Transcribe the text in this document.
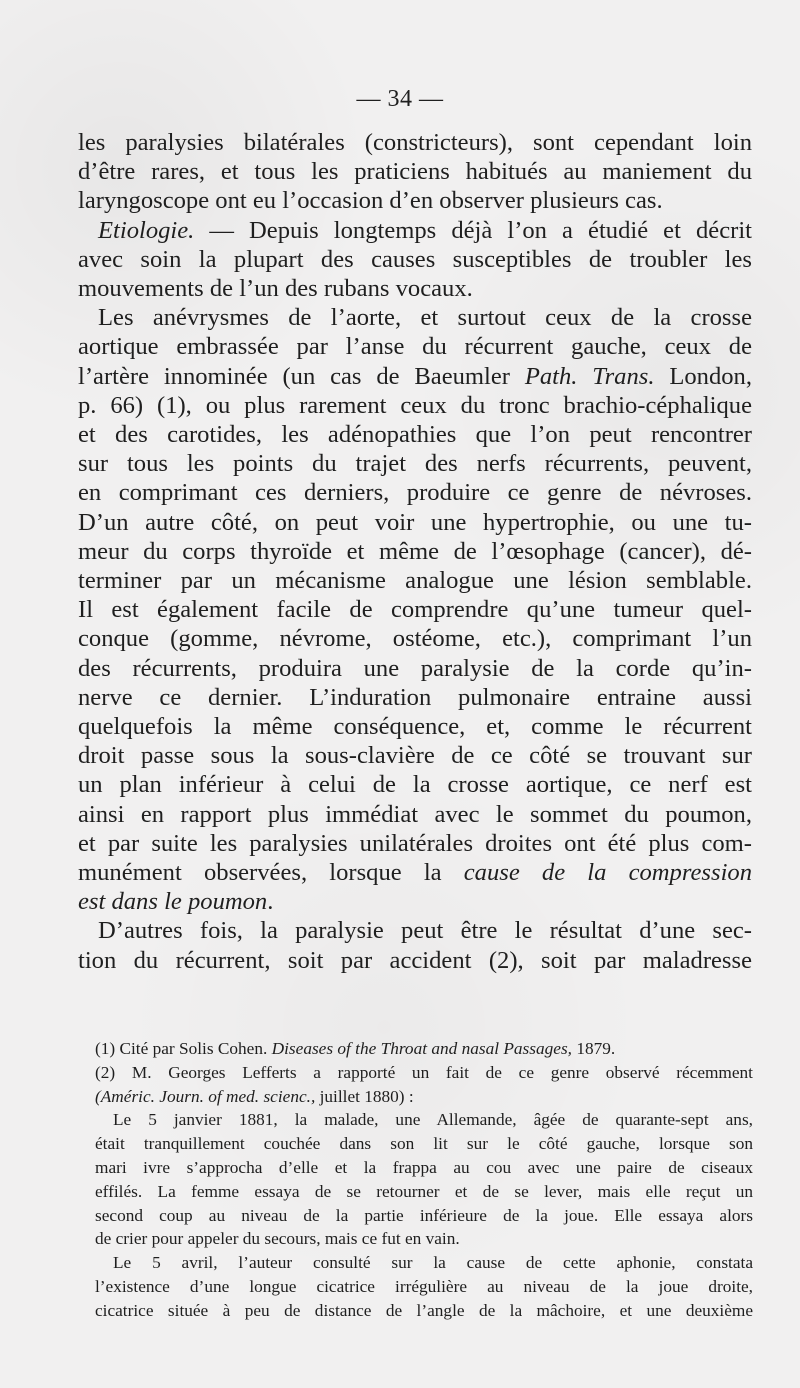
— 34 —
les paralysies bilatérales (constricteurs), sont cependant loin
d’être rares, et tous les praticiens habitués au maniement du
laryngoscope ont eu l’occasion d’en observer plusieurs cas.
Etiologie. — Depuis longtemps déjà l’on a étudié et décrit
avec soin la plupart des causes susceptibles de troubler les
mouvements de l’un des rubans vocaux.
Les anévrysmes de l’aorte, et surtout ceux de la crosse
aortique embrassée par l’anse du récurrent gauche, ceux de
l’artère innominée (un cas de Baeumler Path. Trans. London,
p. 66) (1), ou plus rarement ceux du tronc brachio-céphalique
et des carotides, les adénopathies que l’on peut rencontrer
sur tous les points du trajet des nerfs récurrents, peuvent,
en comprimant ces derniers, produire ce genre de névroses.
D’un autre côté, on peut voir une hypertrophie, ou une tu-
meur du corps thyroïde et même de l’œsophage (cancer), dé-
terminer par un mécanisme analogue une lésion semblable.
Il est également facile de comprendre qu’une tumeur quel-
conque (gomme, névrome, ostéome, etc.), comprimant l’un
des récurrents, produira une paralysie de la corde qu’in-
nerve ce dernier. L’induration pulmonaire entraine aussi
quelquefois la même conséquence, et, comme le récurrent
droit passe sous la sous-clavière de ce côté se trouvant sur
un plan inférieur à celui de la crosse aortique, ce nerf est
ainsi en rapport plus immédiat avec le sommet du poumon,
et par suite les paralysies unilatérales droites ont été plus com-
munément observées, lorsque la cause de la compression
est dans le poumon.
D’autres fois, la paralysie peut être le résultat d’une sec-
tion du récurrent, soit par accident (2), soit par maladresse

(1) Cité par Solis Cohen. Diseases of the Throat and nasal Passages, 1879.

(2) M. Georges Lefferts a rapporté un fait de ce genre observé récemment
(Améric. Journ. of med. scienc., juillet 1880) :

Le 5 janvier 1881, la malade, une Allemande, âgée de quarante-sept ans,
était tranquillement couchée dans son lit sur le côté gauche, lorsque son
mari ivre s’approcha d’elle et la frappa au cou avec une paire de ciseaux
effilés. La femme essaya de se retourner et de se lever, mais elle reçut un
second coup au niveau de la partie inférieure de la joue. Elle essaya alors
de crier pour appeler du secours, mais ce fut en vain.

Le 5 avril, l’auteur consulté sur la cause de cette aphonie, constata
l’existence d’une longue cicatrice irrégulière au niveau de la joue droite,
cicatrice située à peu de distance de l’angle de la mâchoire, et une deuxième
